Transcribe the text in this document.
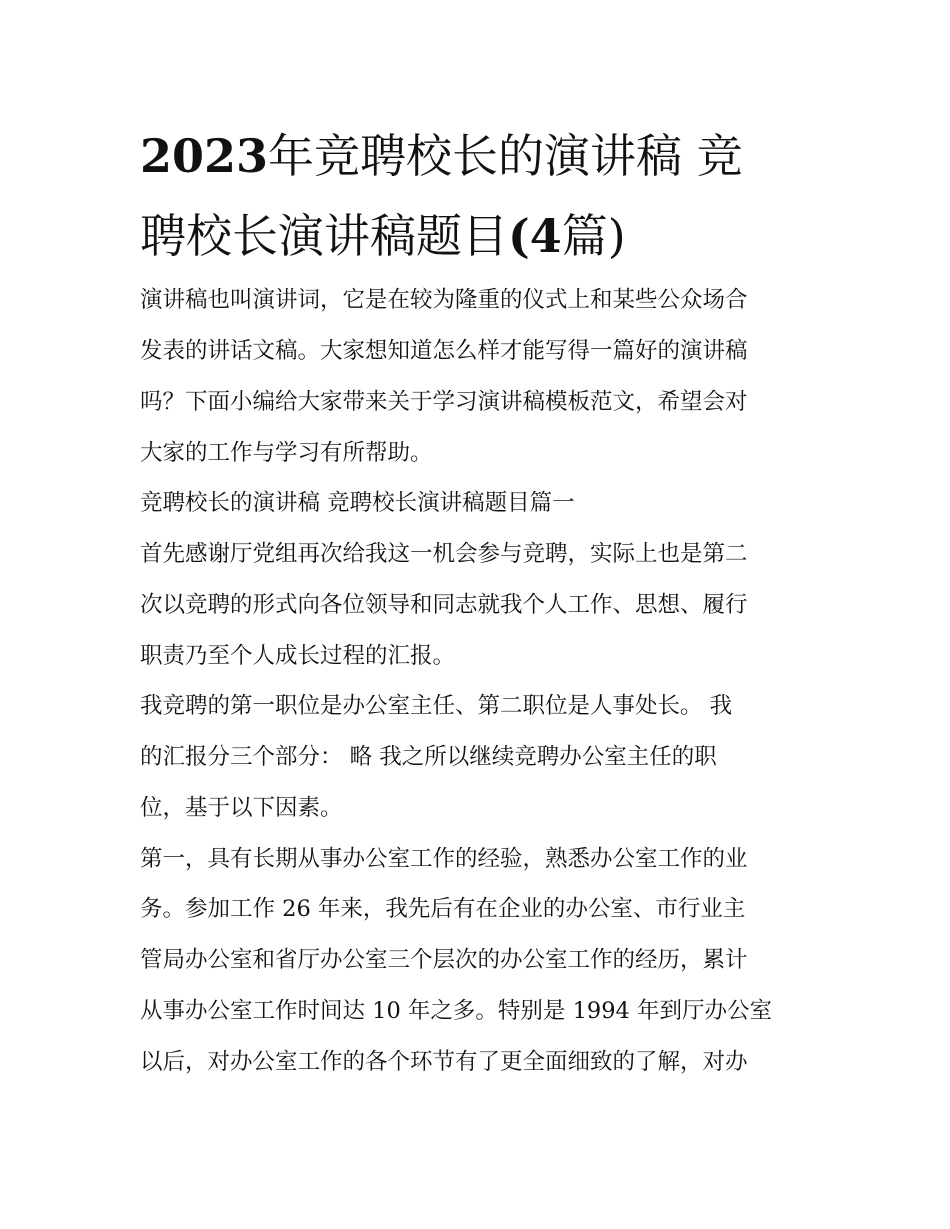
2023年竞聘校长的演讲稿 竞
聘校长演讲稿题目(4篇)

演讲稿也叫演讲词，它是在较为隆重的仪式上和某些公众场合

发表的讲话文稿。大家想知道怎么样才能写得一篇好的演讲稿

吗？下面小编给大家带来关于学习演讲稿模板范文，希望会对

大家的工作与学习有所帮助。

竞聘校长的演讲稿 竞聘校长演讲稿题目篇一

首先感谢厅党组再次给我这一机会参与竞聘，实际上也是第二

次以竞聘的形式向各位领导和同志就我个人工作、思想、履行

职责乃至个人成长过程的汇报。

我竞聘的第一职位是办公室主任、第二职位是人事处长。 我

的汇报分三个部分： 略 我之所以继续竞聘办公室主任的职

位，基于以下因素。

第一，具有长期从事办公室工作的经验，熟悉办公室工作的业

务。参加工作 26 年来，我先后有在企业的办公室、市行业主

管局办公室和省厅办公室三个层次的办公室工作的经历，累计

从事办公室工作时间达 10 年之多。特别是 1994 年到厅办公室

以后，对办公室工作的各个环节有了更全面细致的了解，对办
